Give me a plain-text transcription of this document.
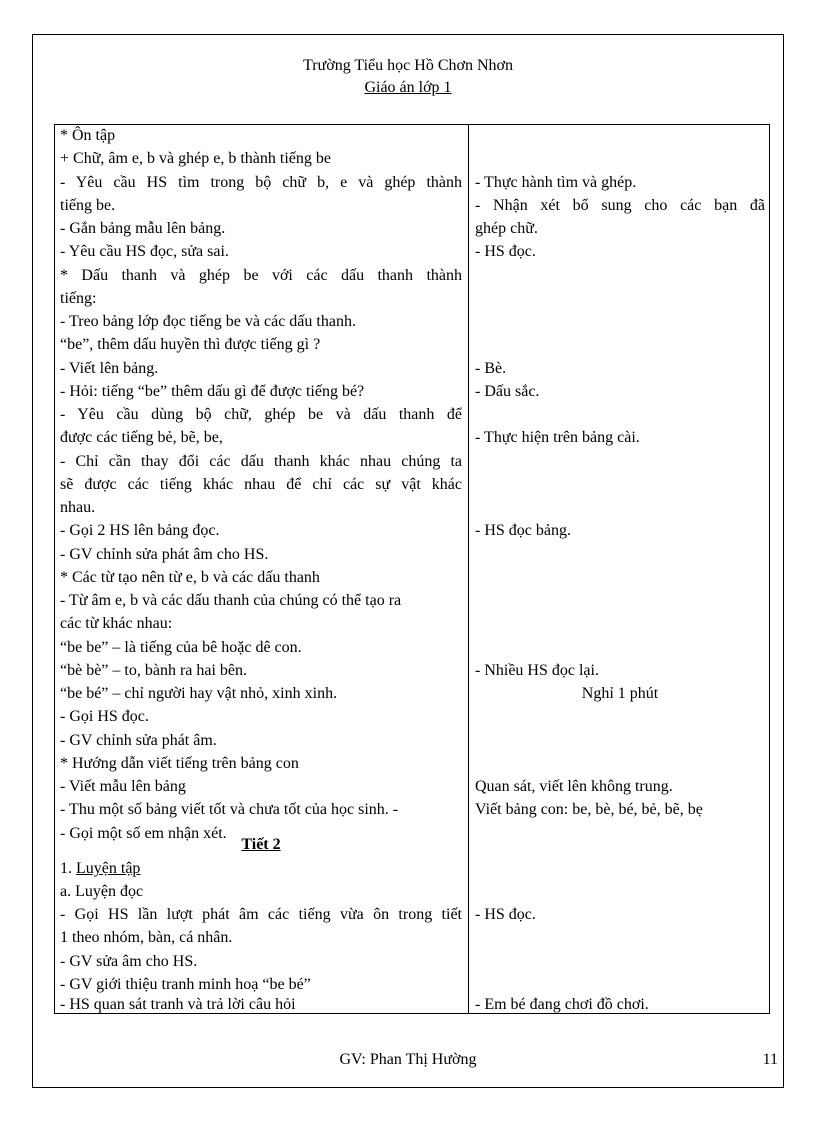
Trường Tiểu học Hồ Chơn Nhơn
Giáo án lớp 1
* Ôn tập
+ Chữ, âm e, b và ghép e, b thành tiếng be
- Yêu cầu HS tìm trong bộ chữ b, e và ghép thành
tiếng be.
- Gắn bảng mẫu lên bảng.
- Yêu cầu HS đọc, sửa sai.
* Dấu thanh và ghép be với các dấu thanh thành
tiếng:
- Treo bảng lớp đọc tiếng be và các dấu thanh.
“be”, thêm dấu huyền thì được tiếng gì ?
- Viết lên bảng.
- Hỏi: tiếng “be” thêm dấu gì để được tiếng bé?
- Yêu cầu dùng bộ chữ, ghép be và dấu thanh để
được các tiếng bẻ, bẽ, be,
- Chỉ cần thay đổi các dấu thanh khác nhau chúng ta
sẽ được các tiếng khác nhau để chỉ các sự vật khác
nhau.
- Gọi 2 HS lên bảng đọc.
- GV chỉnh sửa phát âm cho HS.
* Các từ tạo nên từ e, b và các dấu thanh
- Từ âm e, b và các dấu thanh của chúng có thể tạo ra
các từ khác nhau:
“be be” – là tiếng của bê hoặc dê con.
“bè bè” – to, bành ra hai bên.
“be bé” – chỉ người hay vật nhỏ, xinh xinh.
- Gọi HS đọc.
- GV chỉnh sửa phát âm.
* Hướng dẫn viết tiếng trên bảng con
- Viết mẫu lên bảng
- Thu một số bảng viết tốt và chưa tốt của học sinh. -
- Gọi một số em nhận xét.
Tiết 2
1. Luyện tập
a. Luyện đọc
- Gọi HS lần lượt phát âm các tiếng vừa ôn trong tiết
1 theo nhóm, bàn, cá nhân.
- GV sửa âm cho HS.
- GV giới thiệu tranh minh hoạ “be bé”
- HS quan sát tranh và trả lời câu hỏi
- Thực hành tìm và ghép.
- Nhận xét bổ sung cho các bạn đã
ghép chữ.
- HS đọc.
- Bè.
- Dấu sắc.
- Thực hiện trên bảng cài.
- HS đọc bảng.
- Nhiều HS đọc lại.
Nghỉ 1 phút
Quan sát, viết lên không trung.
Viết bảng con: be, bè, bé, bẻ, bẽ, bẹ
- HS đọc.
- Em bé đang chơi đồ chơi.
GV: Phan Thị Hường	11
